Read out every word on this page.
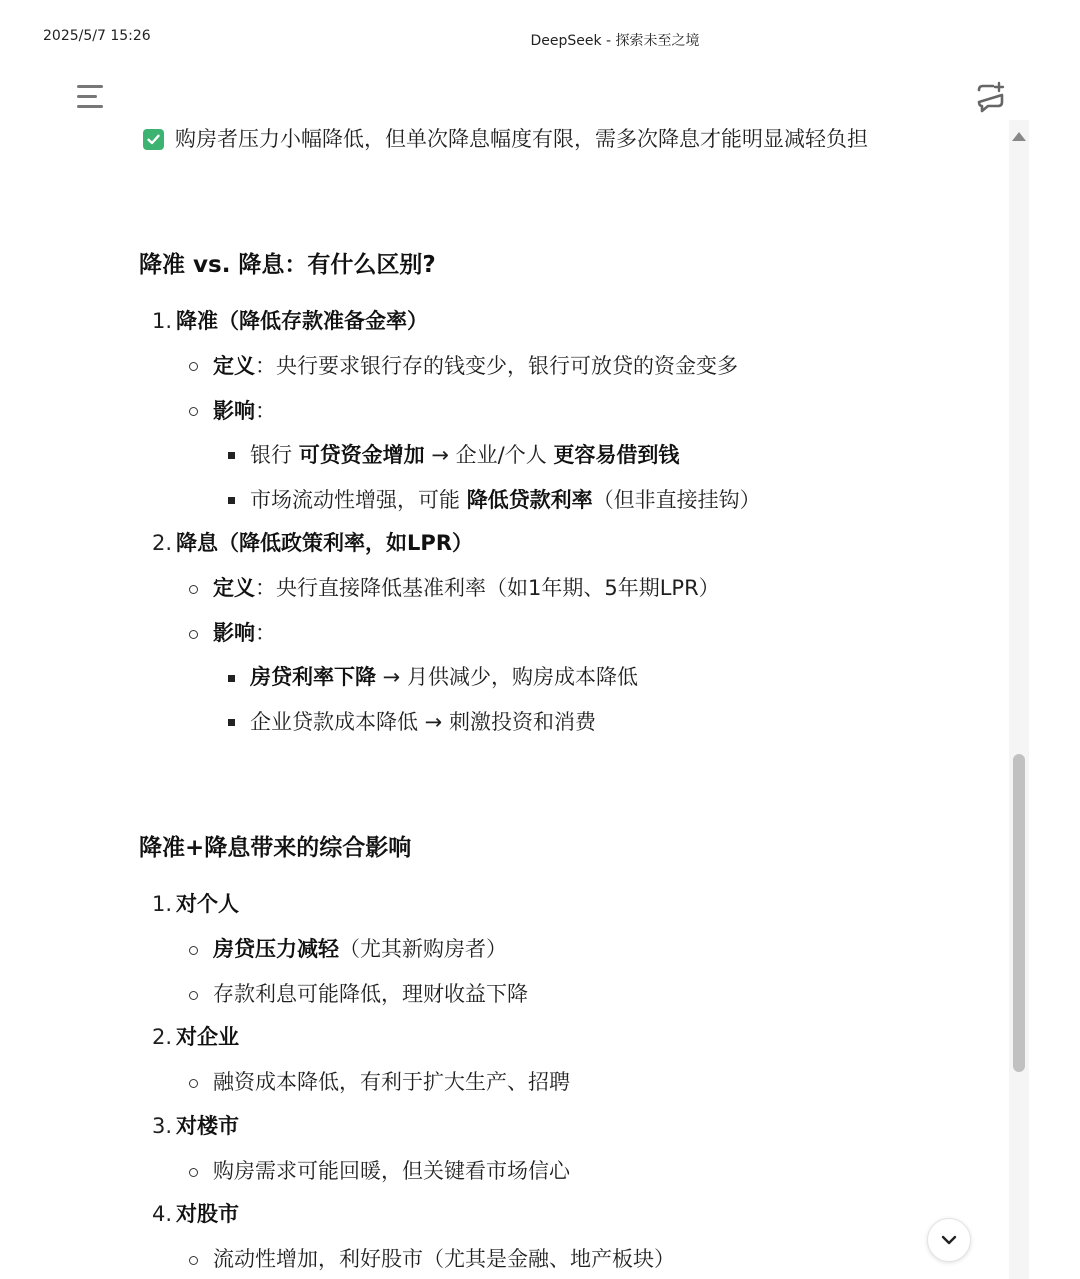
2025/5/7 15:26	DeepSeek - 探索未至之境
购房者压力小幅降低，但单次降息幅度有限，需多次降息才能明显减轻负担
降准 vs. 降息：有什么区别?
1. 降准（降低存款准备金率）
定义：央行要求银行存的钱变少，银行可放贷的资金变多
影响：
银行 可贷资金增加 → 企业/个人 更容易借到钱
市场流动性增强，可能 降低贷款利率（但非直接挂钩）
2. 降息（降低政策利率，如LPR）
定义：央行直接降低基准利率（如1年期、5年期LPR）
影响：
房贷利率下降 → 月供减少，购房成本降低
企业贷款成本降低 → 刺激投资和消费
降准+降息带来的综合影响
1. 对个人
房贷压力减轻（尤其新购房者）
存款利息可能降低，理财收益下降
2. 对企业
融资成本降低，有利于扩大生产、招聘
3. 对楼市
购房需求可能回暖，但关键看市场信心
4. 对股市
流动性增加，利好股市（尤其是金融、地产板块）
